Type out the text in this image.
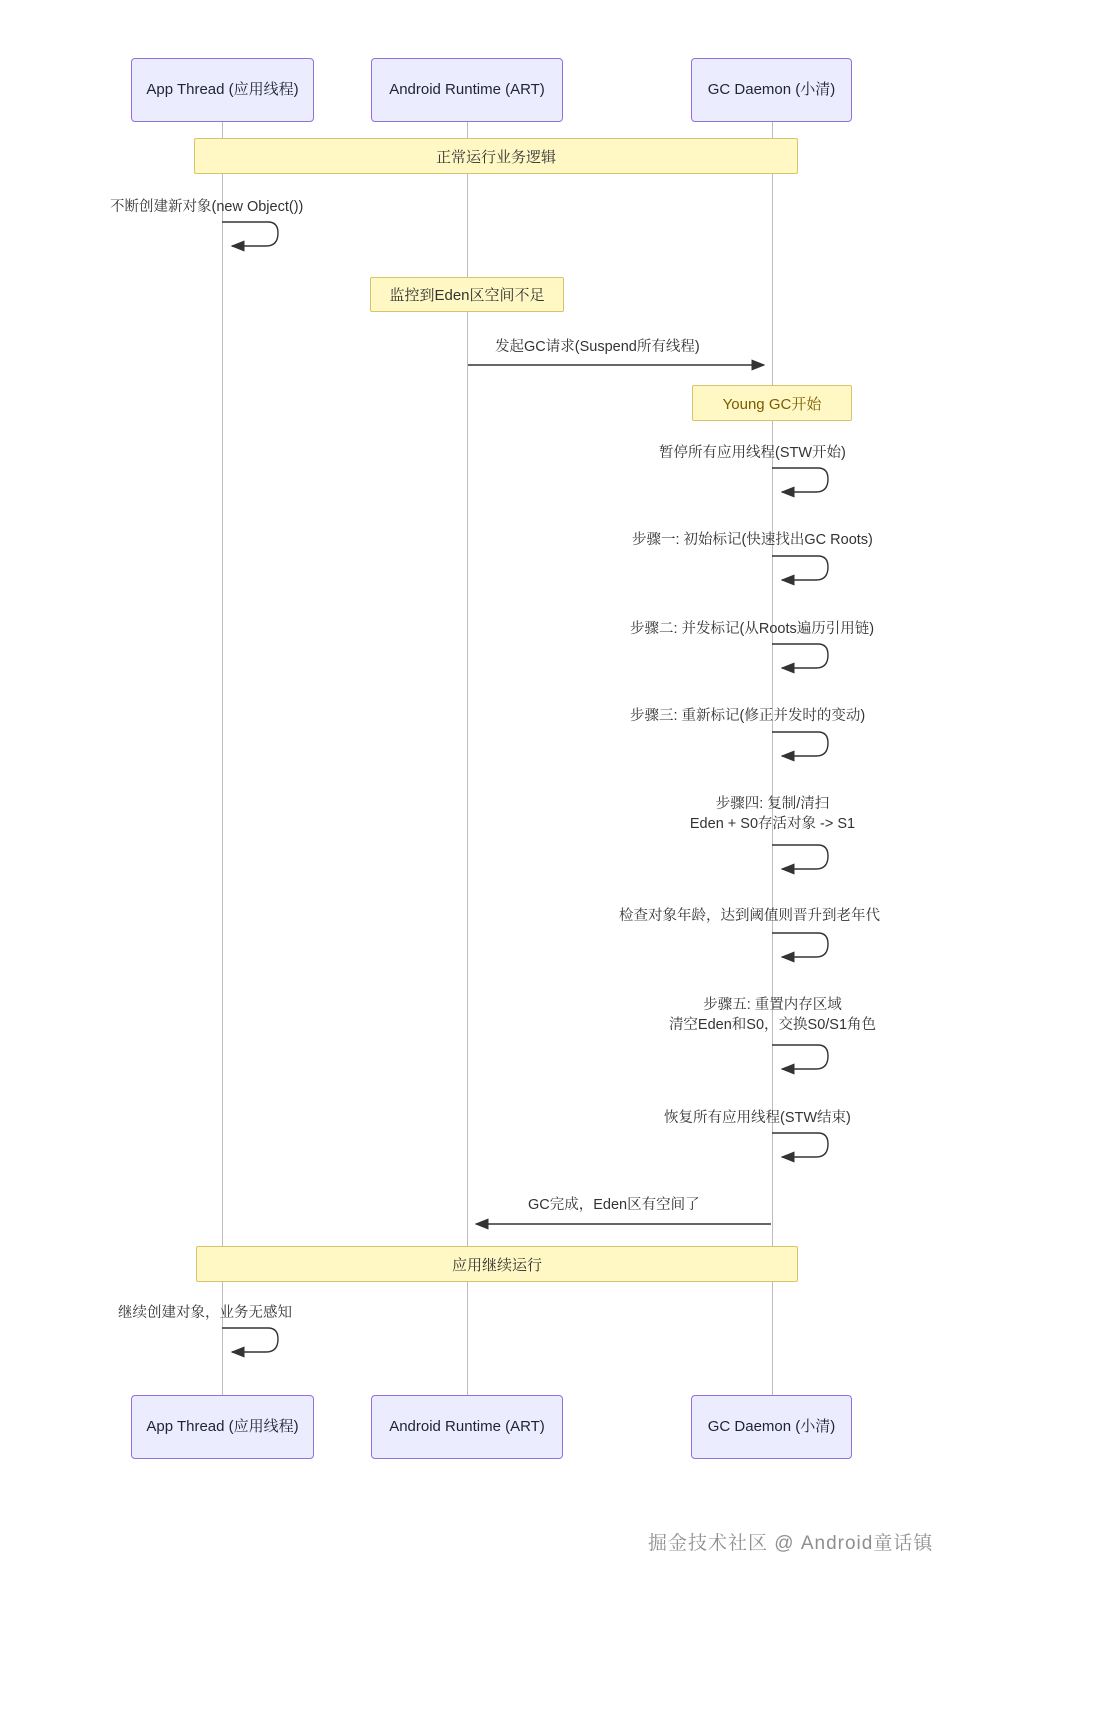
App Thread (应用线程)	Android Runtime (ART)	GC Daemon (小清)
正常运行业务逻辑
监控到Eden区空间不足
Young GC开始
应用继续运行
不断创建新对象(new Object())
发起GC请求(Suspend所有线程)
暂停所有应用线程(STW开始)
步骤一: 初始标记(快速找出GC Roots)
步骤二: 并发标记(从Roots遍历引用链)
步骤三: 重新标记(修正并发时的变动)
步骤四: 复制/清扫
Eden + S0存活对象 -> S1
检查对象年龄，达到阈值则晋升到老年代
步骤五: 重置内存区域
清空Eden和S0，交换S0/S1角色
恢复所有应用线程(STW结束)
GC完成，Eden区有空间了
继续创建对象，业务无感知
App Thread (应用线程)	Android Runtime (ART)	GC Daemon (小清)
掘金技术社区 @ Android童话镇
